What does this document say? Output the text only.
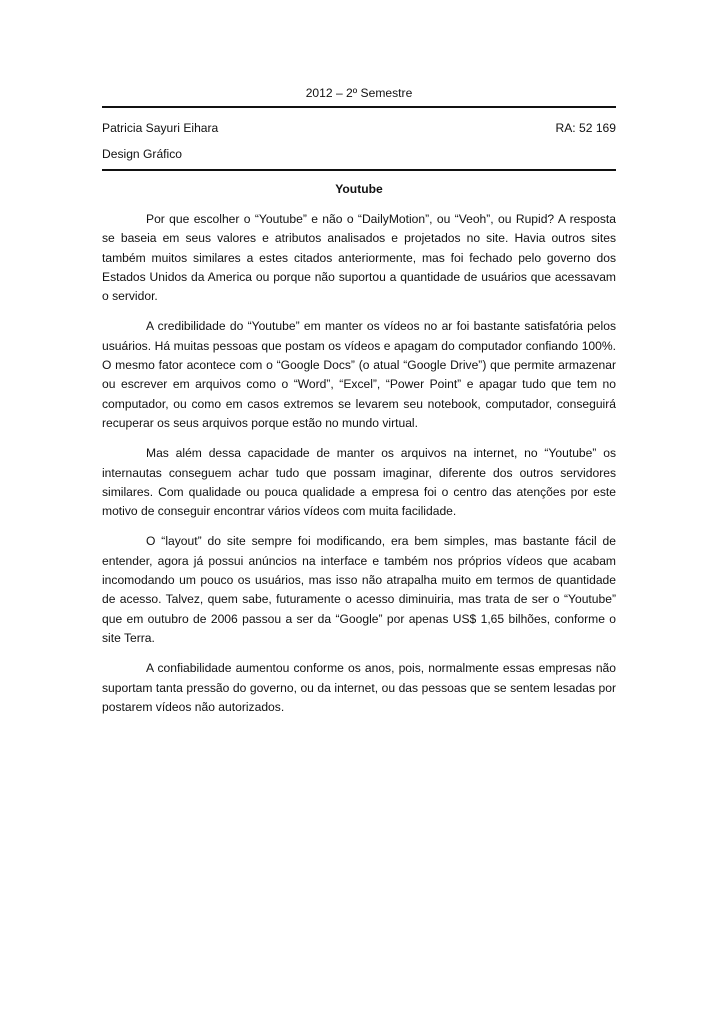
2012 – 2º Semestre
Patricia Sayuri Eihara	RA: 52 169
Design Gráfico
Youtube

Por que escolher o “Youtube” e não o “DailyMotion”, ou “Veoh”, ou Rupid? A resposta se baseia em seus valores e atributos analisados e projetados no site. Havia outros sites também muitos similares a estes citados anteriormente, mas foi fechado pelo governo dos Estados Unidos da America ou porque não suportou a quantidade de usuários que acessavam o servidor.

A credibilidade do “Youtube” em manter os vídeos no ar foi bastante satisfatória pelos usuários. Há muitas pessoas que postam os vídeos e apagam do computador confiando 100%. O mesmo fator acontece com o “Google Docs” (o atual “Google Drive”) que permite armazenar ou escrever em arquivos como o “Word”, “Excel”, “Power Point” e apagar tudo que tem no computador, ou como em casos extremos se levarem seu notebook, computador, conseguirá recuperar os seus arquivos porque estão no mundo virtual.

Mas além dessa capacidade de manter os arquivos na internet, no “Youtube” os internautas conseguem achar tudo que possam imaginar, diferente dos outros servidores similares. Com qualidade ou pouca qualidade a empresa foi o centro das atenções por este motivo de conseguir encontrar vários vídeos com muita facilidade.

O “layout” do site sempre foi modificando, era bem simples, mas bastante fácil de entender, agora já possui anúncios na interface e também nos próprios vídeos que acabam incomodando um pouco os usuários, mas isso não atrapalha muito em termos de quantidade de acesso. Talvez, quem sabe, futuramente o acesso diminuiria, mas trata de ser o “Youtube” que em outubro de 2006 passou a ser da “Google” por apenas US$ 1,65 bilhões, conforme o site Terra.

A confiabilidade aumentou conforme os anos, pois, normalmente essas empresas não suportam tanta pressão do governo, ou da internet, ou das pessoas que se sentem lesadas por postarem vídeos não autorizados.
